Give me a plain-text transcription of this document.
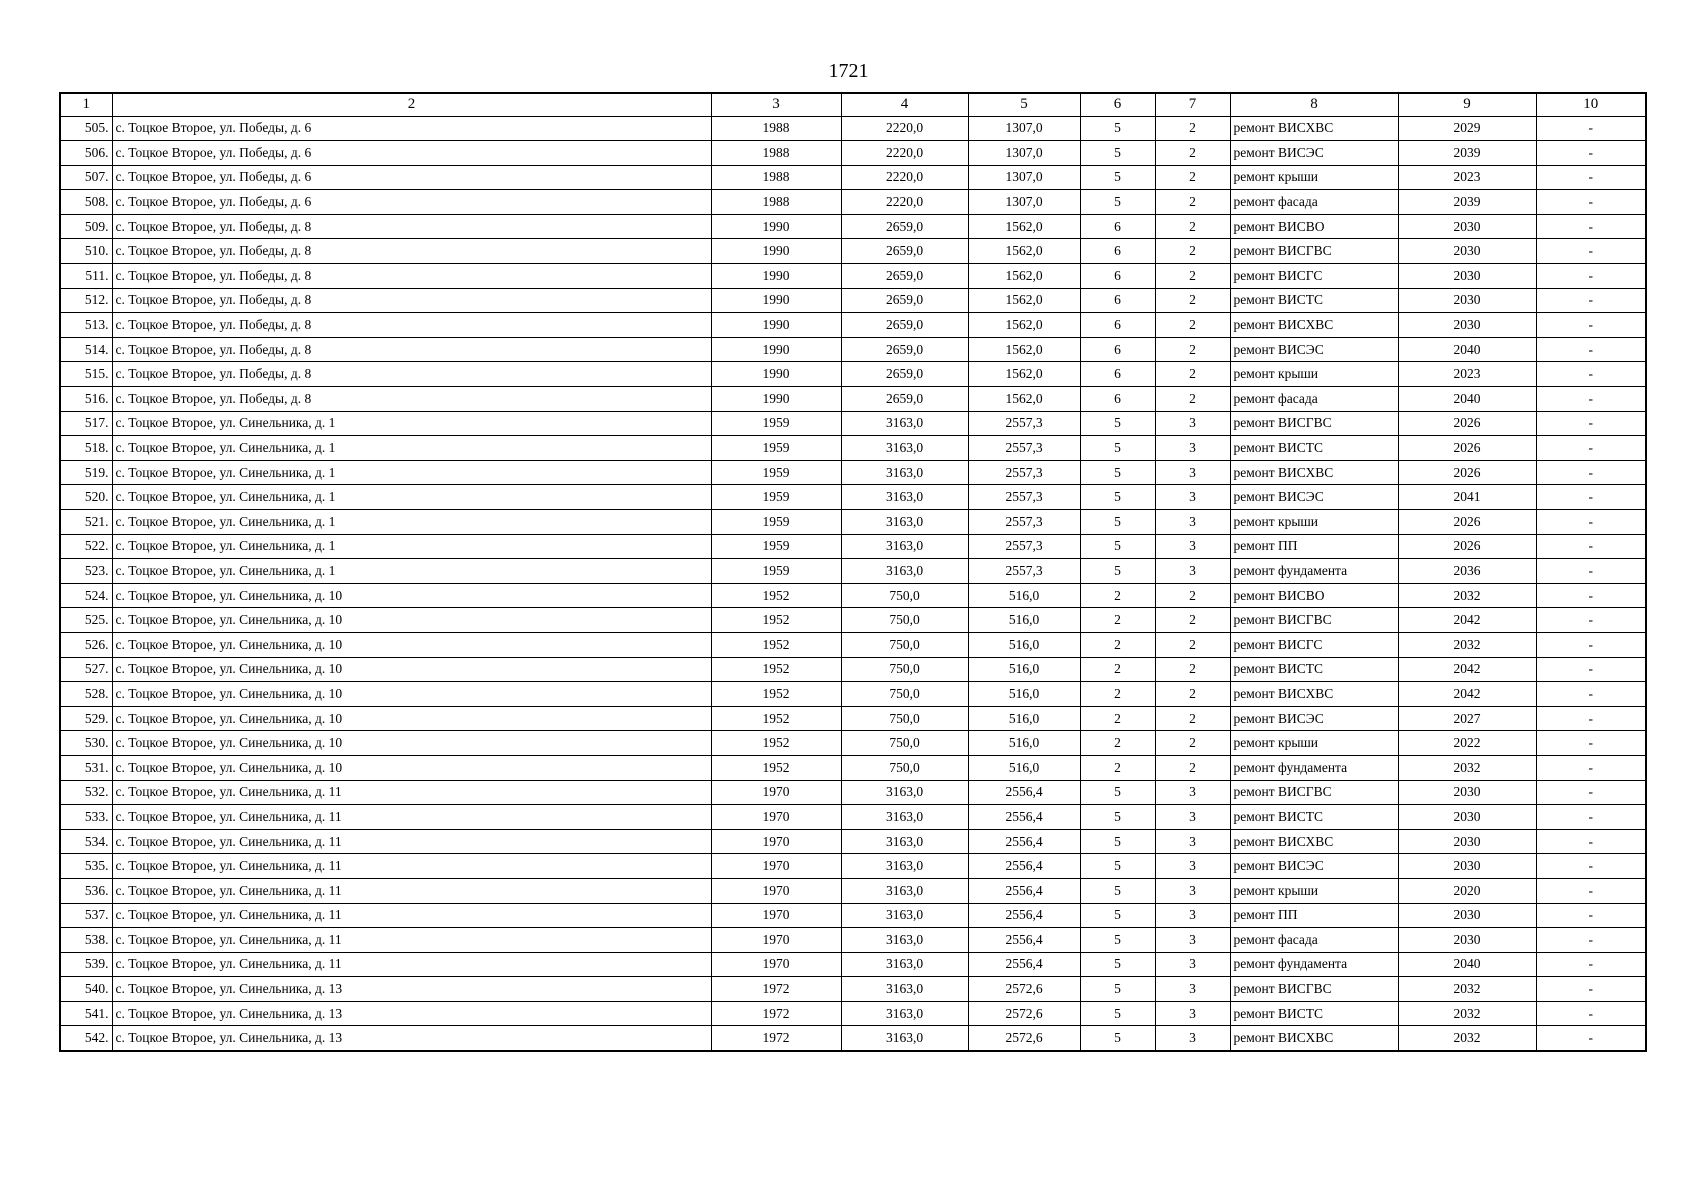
1721
1	2	3	4	5	6	7	8	9	10
505.	с. Тоцкое Второе, ул. Победы, д. 6	1988	2220,0	1307,0	5	2	ремонт ВИСХВС	2029	-
506.	с. Тоцкое Второе, ул. Победы, д. 6	1988	2220,0	1307,0	5	2	ремонт ВИСЭС	2039	-
507.	с. Тоцкое Второе, ул. Победы, д. 6	1988	2220,0	1307,0	5	2	ремонт крыши	2023	-
508.	с. Тоцкое Второе, ул. Победы, д. 6	1988	2220,0	1307,0	5	2	ремонт фасада	2039	-
509.	с. Тоцкое Второе, ул. Победы, д. 8	1990	2659,0	1562,0	6	2	ремонт ВИСВО	2030	-
510.	с. Тоцкое Второе, ул. Победы, д. 8	1990	2659,0	1562,0	6	2	ремонт ВИСГВС	2030	-
511.	с. Тоцкое Второе, ул. Победы, д. 8	1990	2659,0	1562,0	6	2	ремонт ВИСГС	2030	-
512.	с. Тоцкое Второе, ул. Победы, д. 8	1990	2659,0	1562,0	6	2	ремонт ВИСТС	2030	-
513.	с. Тоцкое Второе, ул. Победы, д. 8	1990	2659,0	1562,0	6	2	ремонт ВИСХВС	2030	-
514.	с. Тоцкое Второе, ул. Победы, д. 8	1990	2659,0	1562,0	6	2	ремонт ВИСЭС	2040	-
515.	с. Тоцкое Второе, ул. Победы, д. 8	1990	2659,0	1562,0	6	2	ремонт крыши	2023	-
516.	с. Тоцкое Второе, ул. Победы, д. 8	1990	2659,0	1562,0	6	2	ремонт фасада	2040	-
517.	с. Тоцкое Второе, ул. Синельника, д. 1	1959	3163,0	2557,3	5	3	ремонт ВИСГВС	2026	-
518.	с. Тоцкое Второе, ул. Синельника, д. 1	1959	3163,0	2557,3	5	3	ремонт ВИСТС	2026	-
519.	с. Тоцкое Второе, ул. Синельника, д. 1	1959	3163,0	2557,3	5	3	ремонт ВИСХВС	2026	-
520.	с. Тоцкое Второе, ул. Синельника, д. 1	1959	3163,0	2557,3	5	3	ремонт ВИСЭС	2041	-
521.	с. Тоцкое Второе, ул. Синельника, д. 1	1959	3163,0	2557,3	5	3	ремонт крыши	2026	-
522.	с. Тоцкое Второе, ул. Синельника, д. 1	1959	3163,0	2557,3	5	3	ремонт ПП	2026	-
523.	с. Тоцкое Второе, ул. Синельника, д. 1	1959	3163,0	2557,3	5	3	ремонт фундамента	2036	-
524.	с. Тоцкое Второе, ул. Синельника, д. 10	1952	750,0	516,0	2	2	ремонт ВИСВО	2032	-
525.	с. Тоцкое Второе, ул. Синельника, д. 10	1952	750,0	516,0	2	2	ремонт ВИСГВС	2042	-
526.	с. Тоцкое Второе, ул. Синельника, д. 10	1952	750,0	516,0	2	2	ремонт ВИСГС	2032	-
527.	с. Тоцкое Второе, ул. Синельника, д. 10	1952	750,0	516,0	2	2	ремонт ВИСТС	2042	-
528.	с. Тоцкое Второе, ул. Синельника, д. 10	1952	750,0	516,0	2	2	ремонт ВИСХВС	2042	-
529.	с. Тоцкое Второе, ул. Синельника, д. 10	1952	750,0	516,0	2	2	ремонт ВИСЭС	2027	-
530.	с. Тоцкое Второе, ул. Синельника, д. 10	1952	750,0	516,0	2	2	ремонт крыши	2022	-
531.	с. Тоцкое Второе, ул. Синельника, д. 10	1952	750,0	516,0	2	2	ремонт фундамента	2032	-
532.	с. Тоцкое Второе, ул. Синельника, д. 11	1970	3163,0	2556,4	5	3	ремонт ВИСГВС	2030	-
533.	с. Тоцкое Второе, ул. Синельника, д. 11	1970	3163,0	2556,4	5	3	ремонт ВИСТС	2030	-
534.	с. Тоцкое Второе, ул. Синельника, д. 11	1970	3163,0	2556,4	5	3	ремонт ВИСХВС	2030	-
535.	с. Тоцкое Второе, ул. Синельника, д. 11	1970	3163,0	2556,4	5	3	ремонт ВИСЭС	2030	-
536.	с. Тоцкое Второе, ул. Синельника, д. 11	1970	3163,0	2556,4	5	3	ремонт крыши	2020	-
537.	с. Тоцкое Второе, ул. Синельника, д. 11	1970	3163,0	2556,4	5	3	ремонт ПП	2030	-
538.	с. Тоцкое Второе, ул. Синельника, д. 11	1970	3163,0	2556,4	5	3	ремонт фасада	2030	-
539.	с. Тоцкое Второе, ул. Синельника, д. 11	1970	3163,0	2556,4	5	3	ремонт фундамента	2040	-
540.	с. Тоцкое Второе, ул. Синельника, д. 13	1972	3163,0	2572,6	5	3	ремонт ВИСГВС	2032	-
541.	с. Тоцкое Второе, ул. Синельника, д. 13	1972	3163,0	2572,6	5	3	ремонт ВИСТС	2032	-
542.	с. Тоцкое Второе, ул. Синельника, д. 13	1972	3163,0	2572,6	5	3	ремонт ВИСХВС	2032	-
